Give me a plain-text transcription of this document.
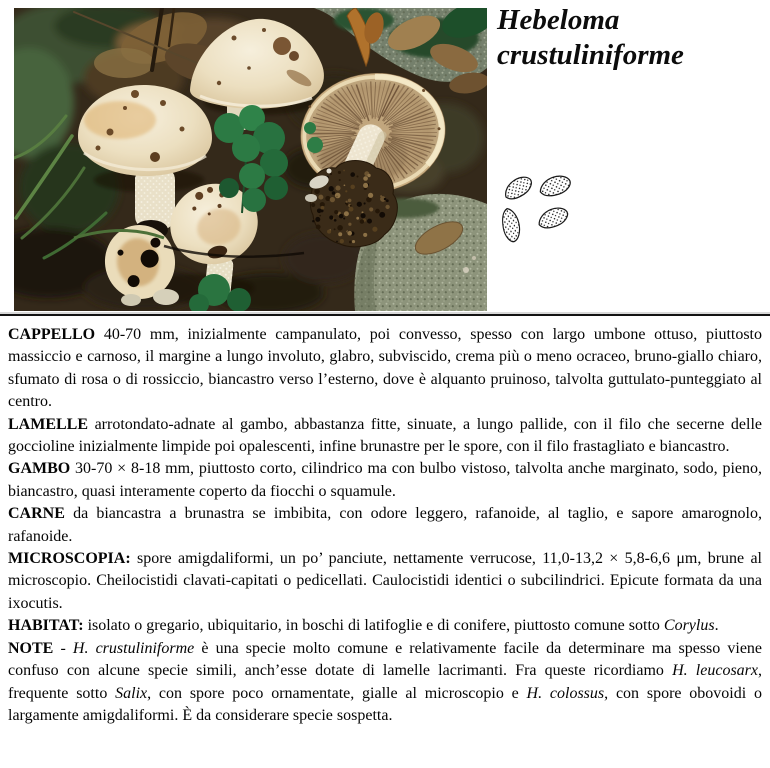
Hebeloma
crustuliniforme

CAPPELLO 40-70 mm, inizialmente campanulato, poi convesso, spesso con largo umbone ottuso, piuttosto massiccio e carnoso, il margine a lungo involuto, glabro, subviscido, crema più o meno ocraceo, bruno-giallo chiaro, sfumato di rosa o di rossiccio, biancastro verso l’esterno, dove è alquanto pruinoso, talvolta guttulato-punteggiato al centro.

LAMELLE arrotondato-adnate al gambo, abbastanza fitte, sinuate, a lungo pallide, con il filo che secerne delle goccioline inizialmente limpide poi opalescenti, infine brunastre per le spore, con il filo frastagliato e biancastro.

GAMBO 30-70 × 8-18 mm, piuttosto corto, cilindrico ma con bulbo vistoso, talvolta anche marginato, sodo, pieno, biancastro, quasi interamente coperto da fiocchi o squamule.

CARNE da biancastra a brunastra se imbibita, con odore leggero, rafanoide, al taglio, e sapore amarognolo, rafanoide.

MICROSCOPIA: spore amigdaliformi, un po’ panciute, nettamente verrucose, 11,0-13,2 × 5,8-6,6 μm, brune al microscopio. Cheilocistidi clavati-capitati o pedicellati. Caulocistidi identici o subcilindrici. Epicute formata da una ixocutis.

HABITAT: isolato o gregario, ubiquitario, in boschi di latifoglie e di conifere, piuttosto comune sotto Corylus.

NOTE - H. crustuliniforme è una specie molto comune e relativamente facile da determinare ma spesso viene confuso con alcune specie simili, anch’esse dotate di lamelle lacrimanti. Fra queste ricordiamo H. leucosarx, frequente sotto Salix, con spore poco ornamentate, gialle al microscopio e H. colossus, con spore obovoidi o largamente amigdaliformi. È da considerare specie sospetta.
